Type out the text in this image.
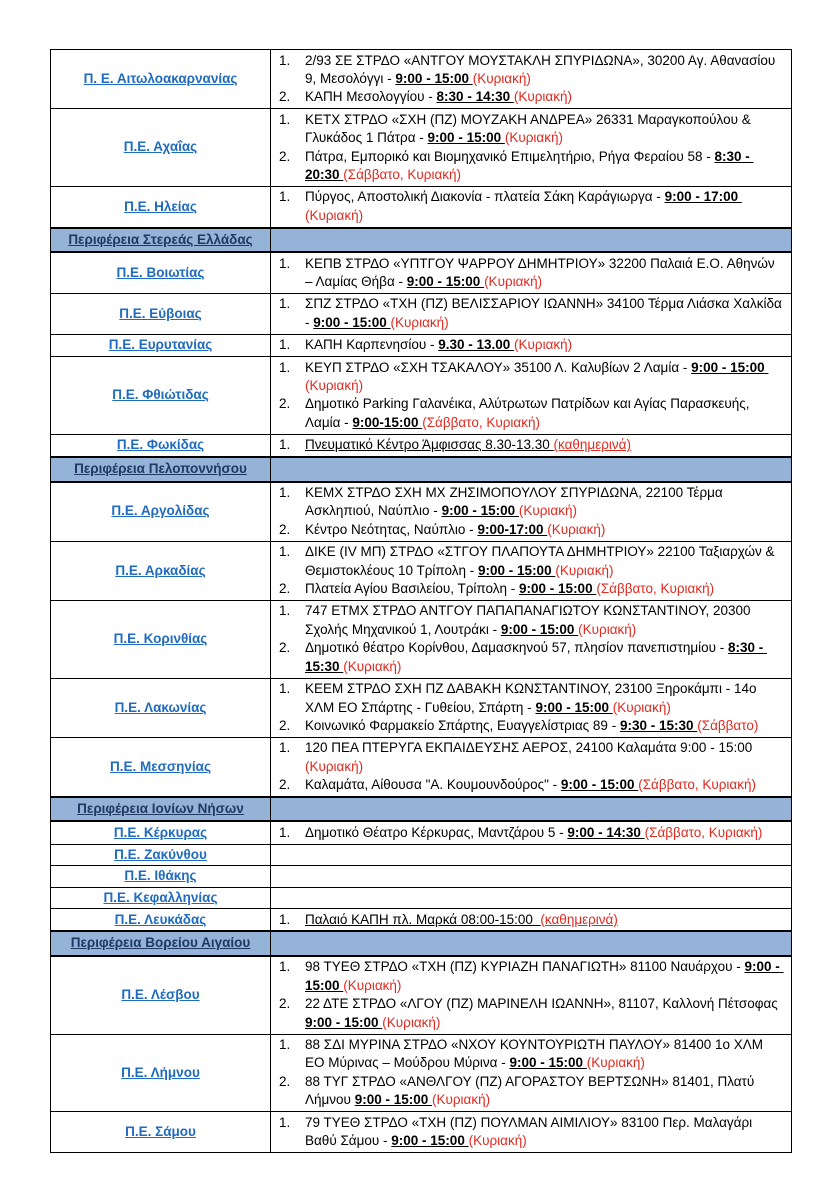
Π. Ε. Αιτωλοακαρνανίας
1.	2/93 ΣΕ ΣΤΡΔΟ «ΑΝΤΓΟΥ ΜΟΥΣΤΑΚΛΗ ΣΠΥΡΙΔΩΝΑ», 30200 Αγ. Αθανασίου 9, Μεσολόγγι - 9:00 - 15:00 (Κυριακή)
2.	ΚΑΠΗ Μεσολογγίου - 8:30 - 14:30 (Κυριακή)
Π.Ε. Αχαΐας
1.	ΚΕΤΧ ΣΤΡΔΟ «ΣΧΗ (ΠΖ) ΜΟΥΖΑΚΗ ΑΝΔΡΕΑ» 26331 Μαραγκοπούλου & Γλυκάδος 1 Πάτρα - 9:00 - 15:00 (Κυριακή)
2.	Πάτρα, Εμπορικό και Βιομηχανικό Επιμελητήριο, Ρήγα Φεραίου 58 - 8:30 - 20:30 (Σάββατο, Κυριακή)
Π.Ε. Ηλείας
1.	Πύργος, Αποστολική Διακονία - πλατεία Σάκη Καράγιωργα - 9:00 - 17:00 (Κυριακή)
Περιφέρεια Στερεάς Ελλάδας
Π.Ε. Βοιωτίας
1.	ΚΕΠΒ ΣΤΡΔΟ «ΥΠΤΓΟΥ ΨΑΡΡΟΥ ΔΗΜΗΤΡΙΟΥ» 32200 Παλαιά Ε.Ο. Αθηνών – Λαμίας Θήβα - 9:00 - 15:00 (Κυριακή)
Π.Ε. Εύβοιας
1.	ΣΠΖ ΣΤΡΔΟ «ΤΧΗ (ΠΖ) ΒΕΛΙΣΣΑΡΙΟΥ ΙΩΑΝΝΗ» 34100 Τέρμα Λιάσκα Χαλκίδα - 9:00 - 15:00 (Κυριακή)
Π.Ε. Ευρυτανίας	1.	ΚΑΠΗ Καρπενησίου - 9.30 - 13.00 (Κυριακή)
Π.Ε. Φθιώτιδας
1.	ΚΕΥΠ ΣΤΡΔΟ «ΣΧΗ ΤΣΑΚΑΛΟΥ» 35100 Λ. Καλυβίων 2 Λαμία - 9:00 - 15:00 (Κυριακή)
2.	Δημοτικό Parking Γαλανέικα, Αλύτρωτων Πατρίδων και Αγίας Παρασκευής, Λαμία - 9:00-15:00 (Σάββατο, Κυριακή)
Π.Ε. Φωκίδας	1.	Πνευματικό Κέντρο Άμφισσας 8.30-13.30 (καθημερινά)
Περιφέρεια Πελοποννήσου
Π.Ε. Αργολίδας
1.	ΚΕΜΧ ΣΤΡΔΟ ΣΧΗ ΜΧ ΖΗΣΙΜΟΠΟΥΛΟΥ ΣΠΥΡΙΔΩΝΑ, 22100 Τέρμα Ασκληπιού, Ναύπλιο - 9:00 - 15:00 (Κυριακή)
2.	Κέντρο Νεότητας, Ναύπλιο - 9:00-17:00 (Κυριακή)
Π.Ε. Αρκαδίας
1.	ΔΙΚΕ (IV ΜΠ) ΣΤΡΔΟ «ΣΤΓΟΥ ΠΛΑΠΟΥΤΑ ΔΗΜΗΤΡΙΟΥ» 22100 Ταξιαρχών & Θεμιστοκλέους 10 Τρίπολη - 9:00 - 15:00 (Κυριακή)
2.	Πλατεία Αγίου Βασιλείου, Τρίπολη - 9:00 - 15:00 (Σάββατο, Κυριακή)
Π.Ε. Κορινθίας
1.	747 ΕΤΜΧ ΣΤΡΔΟ ΑΝΤΓΟΥ ΠΑΠΑΠΑΝΑΓΙΩΤΟΥ ΚΩΝΣΤΑΝΤΙΝΟΥ, 20300 Σχολής Μηχανικού 1, Λουτράκι - 9:00 - 15:00 (Κυριακή)
2.	Δημοτικό θέατρο Κορίνθου, Δαμασκηνού 57, πλησίον πανεπιστημίου - 8:30 - 15:30 (Κυριακή)
Π.Ε. Λακωνίας
1.	ΚΕΕΜ ΣΤΡΔΟ ΣΧΗ ΠΖ ΔΑΒΑΚΗ ΚΩΝΣΤΑΝΤΙΝΟΥ, 23100 Ξηροκάμπι - 14ο ΧΛΜ ΕΟ Σπάρτης - Γυθείου, Σπάρτη - 9:00 - 15:00 (Κυριακή)
2.	Κοινωνικό Φαρμακείο Σπάρτης, Ευαγγελίστριας 89 - 9:30 - 15:30 (Σάββατο)
Π.Ε. Μεσσηνίας
1.	120 ΠΕΑ ΠΤΕΡΥΓΑ ΕΚΠΑΙΔΕΥΣΗΣ ΑΕΡΟΣ, 24100 Καλαμάτα 9:00 - 15:00 (Κυριακή)
2.	Καλαμάτα, Αίθουσα "Α. Κουμουνδούρος" - 9:00 - 15:00 (Σάββατο, Κυριακή)
Περιφέρεια Ιονίων Νήσων
Π.Ε. Κέρκυρας	1.	Δημοτικό Θέατρο Κέρκυρας, Μαντζάρου 5 - 9:00 - 14:30 (Σάββατο, Κυριακή)
Π.Ε. Ζακύνθου
Π.Ε. Ιθάκης
Π.Ε. Κεφαλληνίας
Π.Ε. Λευκάδας	1.	Παλαιό ΚΑΠΗ πλ. Μαρκά 08:00-15:00  (καθημερινά)
Περιφέρεια Βορείου Αιγαίου
Π.Ε. Λέσβου
1.	98 ΤΥΕΘ ΣΤΡΔΟ «ΤΧΗ (ΠΖ) ΚΥΡΙΑΖΗ ΠΑΝΑΓΙΩΤΗ» 81100 Ναυάρχου - 9:00 - 15:00 (Κυριακή)
2.	22 ΔΤΕ ΣΤΡΔΟ «ΛΓΟΥ (ΠΖ) ΜΑΡΙΝΕΛΗ ΙΩΑΝΝΗ», 81107, Καλλονή Πέτσοφας 9:00 - 15:00 (Κυριακή)
Π.Ε. Λήμνου
1.	88 ΣΔΙ ΜΥΡΙΝΑ ΣΤΡΔΟ «ΝΧΟΥ ΚΟΥΝΤΟΥΡΙΩΤΗ ΠΑΥΛΟΥ» 81400 1ο ΧΛΜ ΕΟ Μύρινας – Μούδρου Μύρινα - 9:00 - 15:00 (Κυριακή)
2.	88 ΤΥΓ ΣΤΡΔΟ «ΑΝΘΛΓΟΥ (ΠΖ) ΑΓΟΡΑΣΤΟΥ ΒΕΡΤΣΩΝΗ» 81401, Πλατύ Λήμνου 9:00 - 15:00 (Κυριακή)
Π.Ε. Σάμου
1.	79 ΤΥΕΘ ΣΤΡΔΟ «ΤΧΗ (ΠΖ) ΠΟΥΛΜΑΝ ΑΙΜΙΛΙΟΥ» 83100 Περ. Μαλαγάρι Βαθύ Σάμου - 9:00 - 15:00 (Κυριακή)
